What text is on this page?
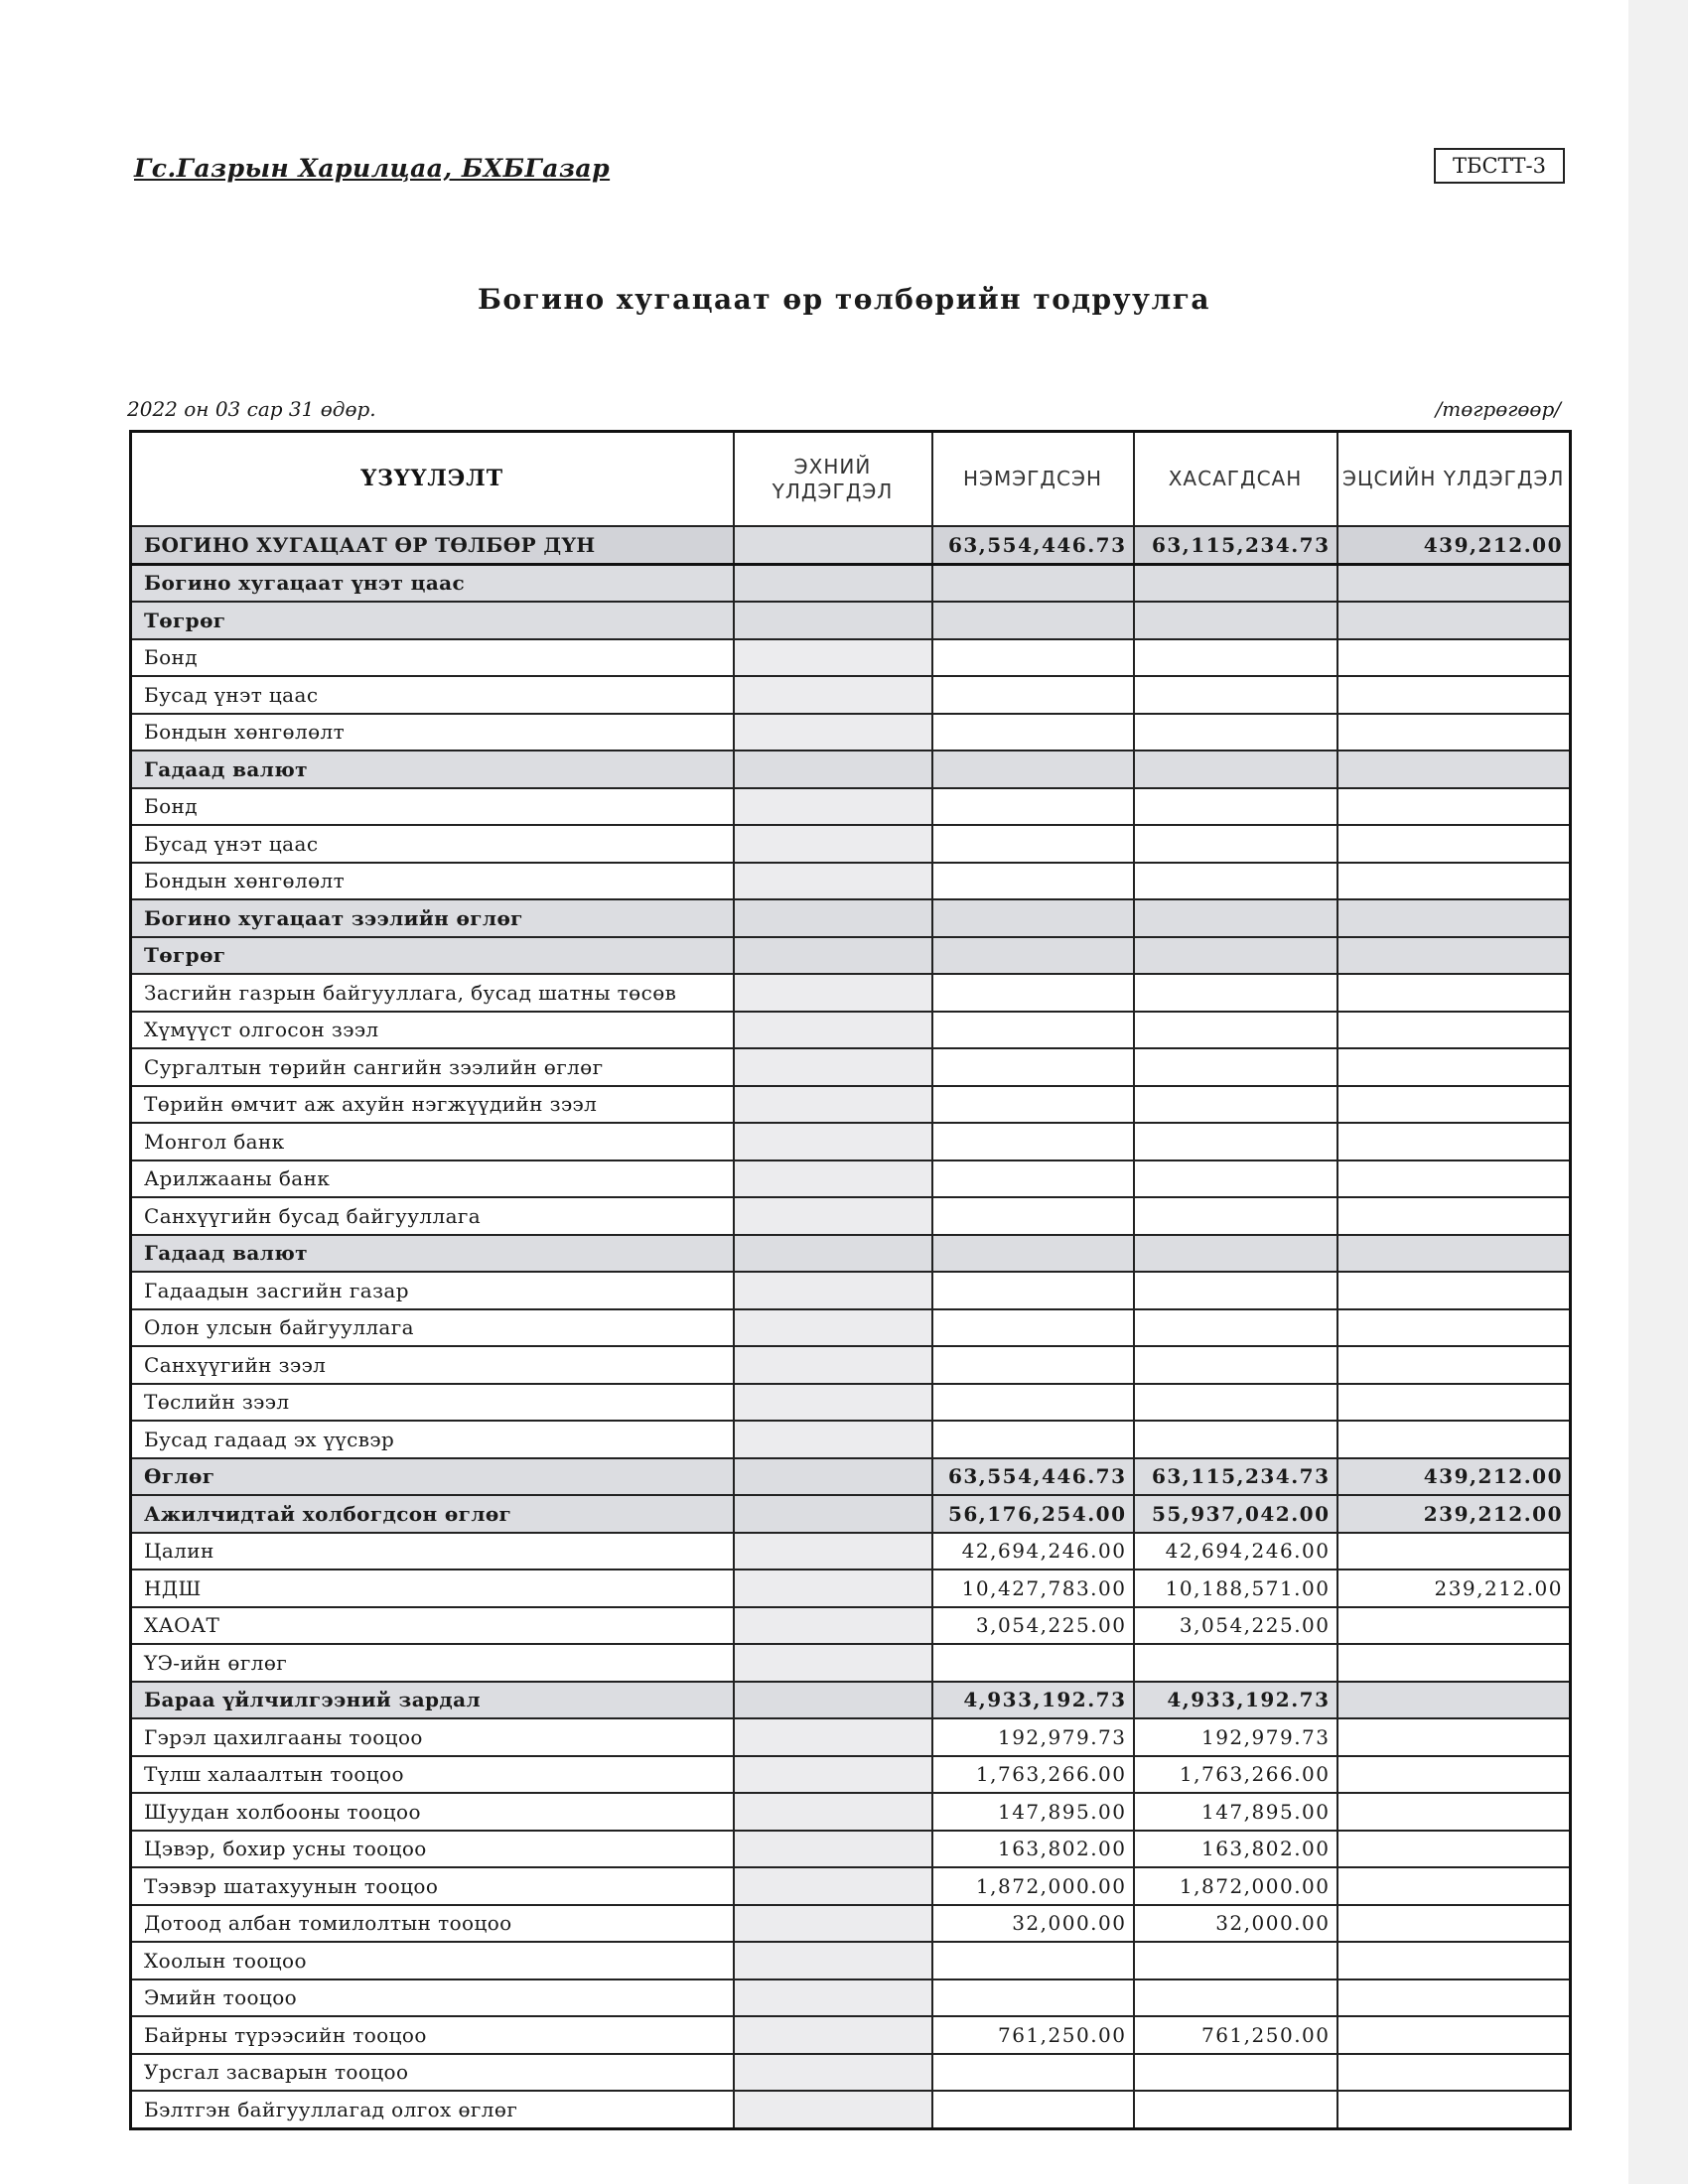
Гс.Газрын Харилцаа, БХБГазар	ТБСТТ-3
Богино хугацаат өр төлбөрийн тодруулга
2022 он 03 сар 31 өдөр.	/төгрөгөөр/
ҮЗҮҮЛЭЛТ	ЭХНИЙ ҮЛДЭГДЭЛ	НЭМЭГДСЭН	ХАСАГДСАН	ЭЦСИЙН ҮЛДЭГДЭЛ
БОГИНО ХУГАЦААТ ӨР ТӨЛБӨР ДҮН		63,554,446.73	63,115,234.73	439,212.00
Богино хугацаат үнэт цаас				
Төгрөг				
Бонд				
Бусад үнэт цаас				
Бондын хөнгөлөлт				
Гадаад валют				
Бонд				
Бусад үнэт цаас				
Бондын хөнгөлөлт				
Богино хугацаат зээлийн өглөг				
Төгрөг				
Засгийн газрын байгууллага, бусад шатны төсөв				
Хүмүүст олгосон зээл				
Сургалтын төрийн сангийн зээлийн өглөг				
Төрийн өмчит аж ахуйн нэгжүүдийн зээл				
Монгол банк				
Арилжааны банк				
Санхүүгийн бусад байгууллага				
Гадаад валют				
Гадаадын засгийн газар				
Олон улсын байгууллага				
Санхүүгийн зээл				
Төслийн зээл				
Бусад гадаад эх үүсвэр				
Өглөг		63,554,446.73	63,115,234.73	439,212.00
Ажилчидтай холбогдсон өглөг		56,176,254.00	55,937,042.00	239,212.00
Цалин		42,694,246.00	42,694,246.00	
НДШ		10,427,783.00	10,188,571.00	239,212.00
ХАОАТ		3,054,225.00	3,054,225.00	
ҮЭ-ийн өглөг				
Бараа үйлчилгээний зардал		4,933,192.73	4,933,192.73	
Гэрэл цахилгааны тооцоо		192,979.73	192,979.73	
Түлш халаалтын тооцоо		1,763,266.00	1,763,266.00	
Шуудан холбооны тооцоо		147,895.00	147,895.00	
Цэвэр, бохир усны тооцоо		163,802.00	163,802.00	
Тээвэр шатахуунын тооцоо		1,872,000.00	1,872,000.00	
Дотоод албан томилолтын тооцоо		32,000.00	32,000.00	
Хоолын тооцоо				
Эмийн тооцоо				
Байрны түрээсийн тооцоо		761,250.00	761,250.00	
Урсгал засварын тооцоо				
Бэлтгэн байгууллагад олгох өглөг				
